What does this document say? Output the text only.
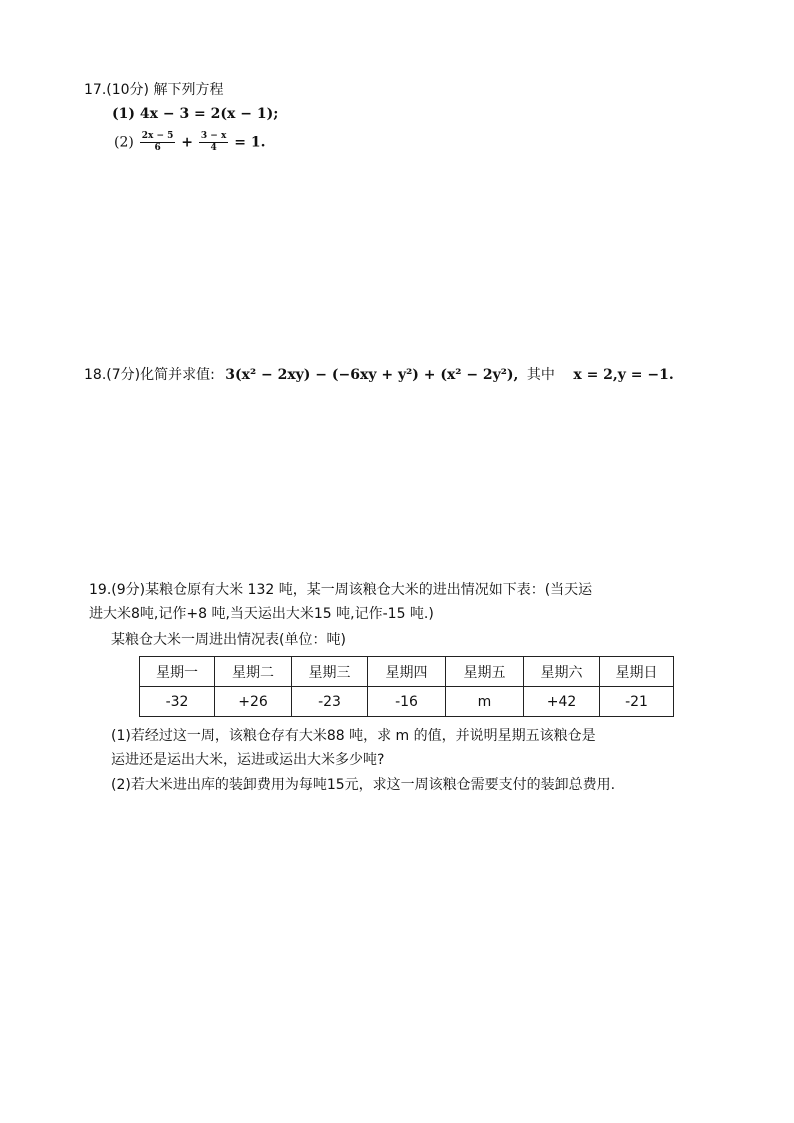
17.(10分) 解下列方程
(1) 4x − 3 = 2(x − 1);
$(2) \frac{2x - 5}{6} + \frac{3 - x}{4} = 1$.
18.(7分)化简并求值: 3(x² − 2xy) − (−6xy + y²) + (x² − 2y²), 其中 x = 2,y = −1.
19.(9分)某粮仓原有大米 132 吨，某一周该粮仓大米的进出情况如下表：(当天运
进大米8吨,记作+8 吨,当天运出大米15 吨,记作-15 吨.)
某粮仓大米一周进出情况表(单位：吨)
星期一	星期二	星期三	星期四	星期五	星期六	星期日
-32	+26	-23	-16	m	+42	-21
(1)若经过这一周，该粮仓存有大米88 吨，求 m 的值，并说明星期五该粮仓是
运进还是运出大米，运进或运出大米多少吨?
(2)若大米进出库的装卸费用为每吨15元，求这一周该粮仓需要支付的装卸总费用.
